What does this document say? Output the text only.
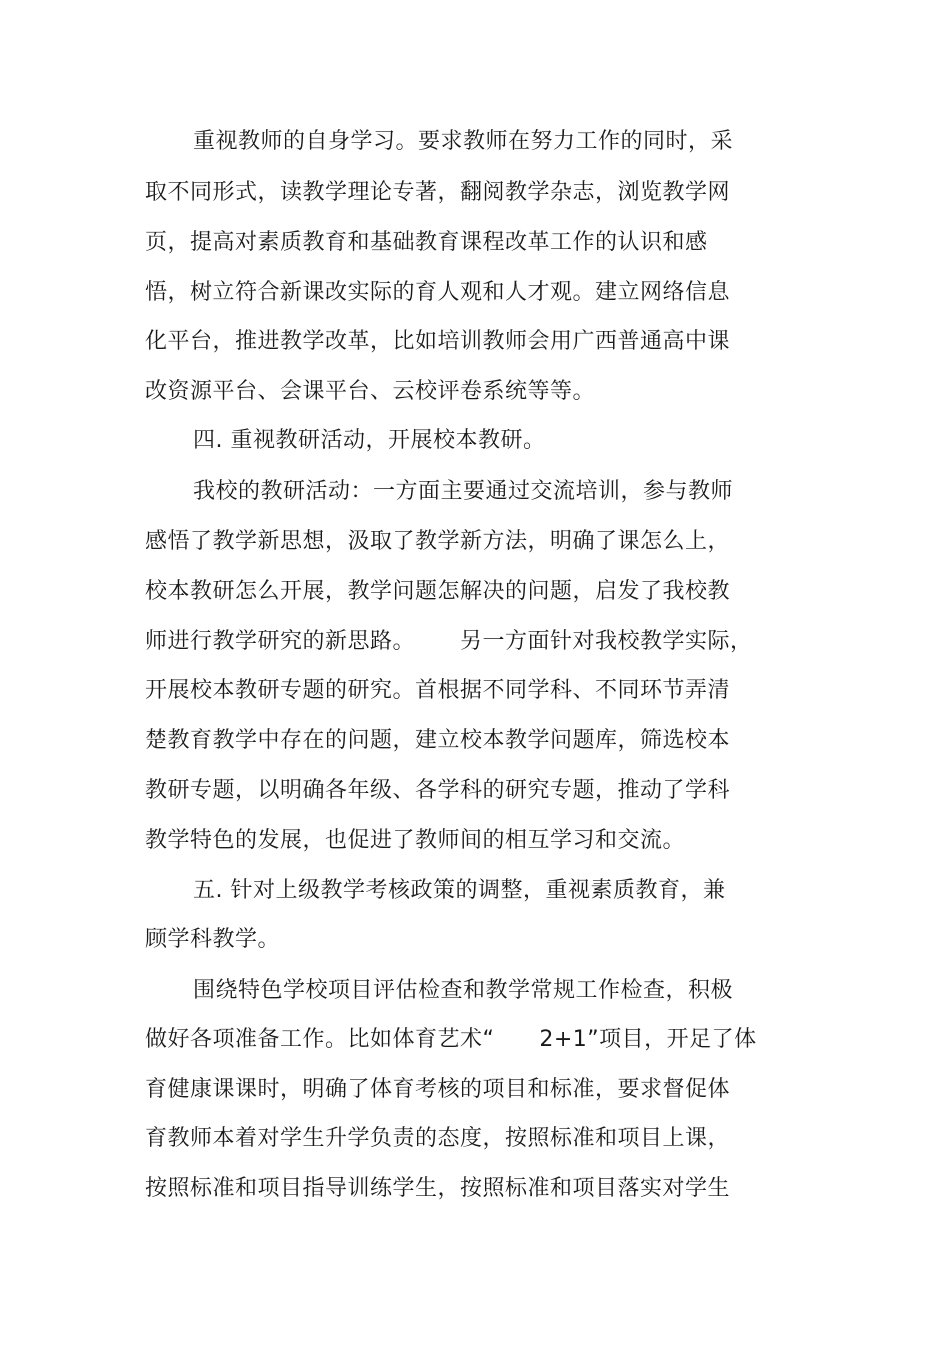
重视教师的自身学习。要求教师在努力工作的同时，采
取不同形式，读教学理论专著，翻阅教学杂志，浏览教学网
页，提高对素质教育和基础教育课程改革工作的认识和感
悟，树立符合新课改实际的育人观和人才观。建立网络信息
化平台，推进教学改革，比如培训教师会用广西普通高中课
改资源平台、会课平台、云校评卷系统等等。
四. 重视教研活动，开展校本教研。
我校的教研活动：一方面主要通过交流培训，参与教师
感悟了教学新思想，汲取了教学新方法，明确了课怎么上，
校本教研怎么开展，教学问题怎解决的问题，启发了我校教
师进行教学研究的新思路。      另一方面针对我校教学实际，
开展校本教研专题的研究。首根据不同学科、不同环节弄清
楚教育教学中存在的问题，建立校本教学问题库，筛选校本
教研专题，以明确各年级、各学科的研究专题，推动了学科
教学特色的发展，也促进了教师间的相互学习和交流。
五. 针对上级教学考核政策的调整，重视素质教育，兼
顾学科教学。
围绕特色学校项目评估检查和教学常规工作检查，积极
做好各项准备工作。比如体育艺术“      2+1”项目，开足了体
育健康课课时，明确了体育考核的项目和标准，要求督促体
育教师本着对学生升学负责的态度，按照标准和项目上课，
按照标准和项目指导训练学生，按照标准和项目落实对学生
